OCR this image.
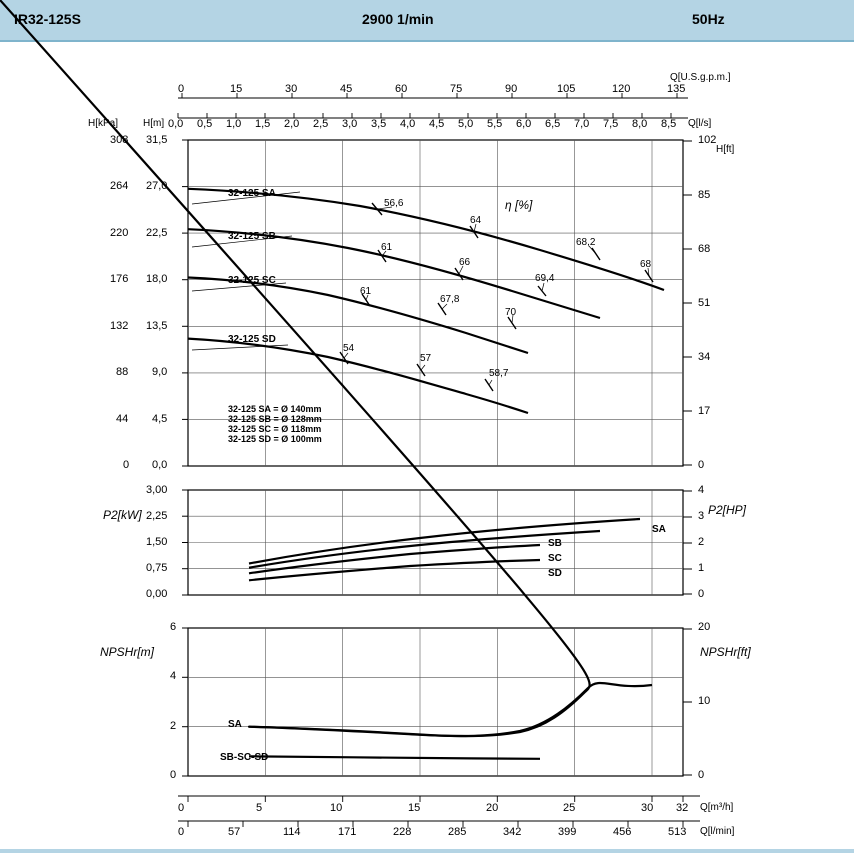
IR32-125S	2900 1/min	50Hz
Q[U.S.g.p.m.]
0	15	30	45	60	75	90	105	120	135
Q[l/s]
0,0 0,5 1,0 1,5 2,0 2,5 3,0 3,5 4,0 4,5 5,0 5,5 6,0 6,5 7,0 7,5 8,0 8,5
H[kPa]
308
264
220
176
132
88
44
0
H[m]
31,5
27,0
22,5
18,0
13,5
9,0
4,5
0,0
H[ft]
102
85
68
51
34
17
0
η [%]
32-125 SA
32-125 SB
32-125 SC
32-125 SD
56,6
64
68,2
68
61
66
69,4
61
67,8
70
54
57
58,7
32-125 SA = Ø 140mm
32-125 SB = Ø 128mm
32-125 SC = Ø 118mm
32-125 SD = Ø 100mm
P2[kW]
3,00
2,25
1,50
0,75
0,00
P2[HP]
4
3
2
1
0
SA
SB
SC
SD
NPSHr[m]
6
4
2
0
NPSHr[ft]
20
10
0
SA
SB-SC-SD
Q[m³/h]
0	5	10	15	20	25	30 32
Q[l/min]
0	57	114	171	228	285	342	399	456	513
